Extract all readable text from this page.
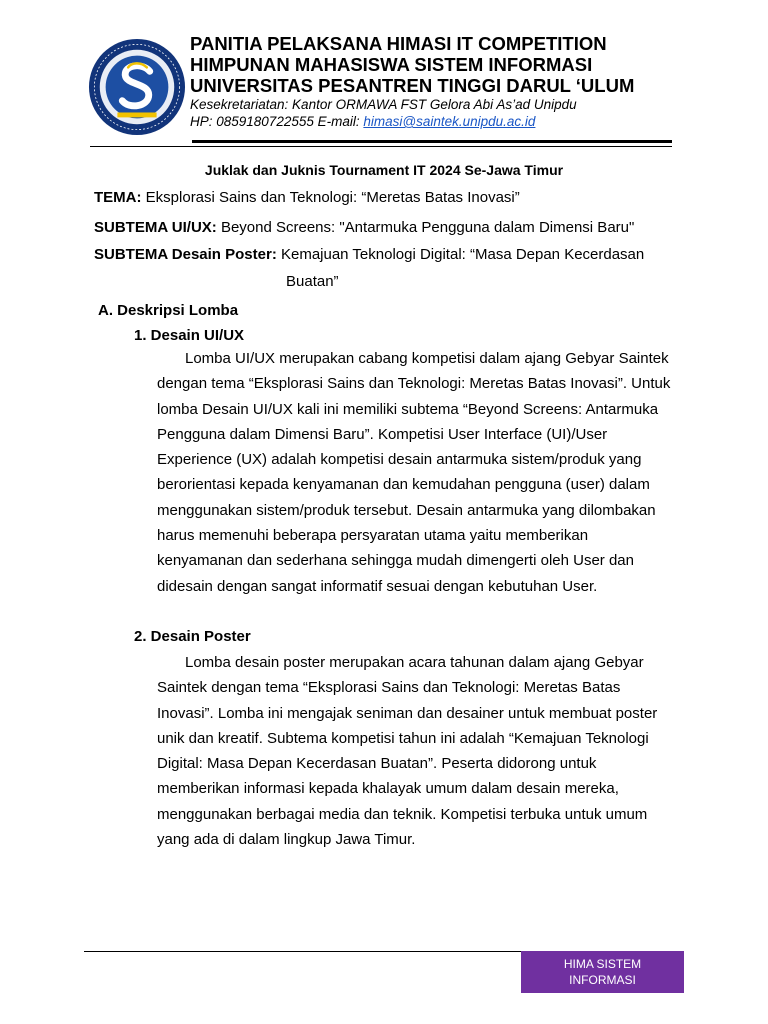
PANITIA PELAKSANA HIMASI IT COMPETITION
HIMPUNAN MAHASISWA SISTEM INFORMASI
UNIVERSITAS PESANTREN TINGGI DARUL ‘ULUM
Kesekretariatan: Kantor ORMAWA FST Gelora Abi As’ad Unipdu
HP: 0859180722555 E-mail: himasi@saintek.unipdu.ac.id
Juklak dan Juknis Tournament IT 2024 Se-Jawa Timur
TEMA: Eksplorasi Sains dan Teknologi: “Meretas Batas Inovasi”
SUBTEMA UI/UX: Beyond Screens: "Antarmuka Pengguna dalam Dimensi Baru"
SUBTEMA Desain Poster: Kemajuan Teknologi Digital: “Masa Depan Kecerdasan
Buatan”
A. Deskripsi Lomba
1. Desain UI/UX

Lomba UI/UX merupakan cabang kompetisi dalam ajang Gebyar Saintek dengan tema “Eksplorasi Sains dan Teknologi: Meretas Batas Inovasi”. Untuk lomba Desain UI/UX kali ini memiliki subtema “Beyond Screens: Antarmuka Pengguna dalam Dimensi Baru”. Kompetisi User Interface (UI)/User Experience (UX) adalah kompetisi desain antarmuka sistem/produk yang berorientasi kepada kenyamanan dan kemudahan pengguna (user) dalam menggunakan sistem/produk tersebut. Desain antarmuka yang dilombakan harus memenuhi beberapa persyaratan utama yaitu memberikan kenyamanan dan sederhana sehingga mudah dimengerti oleh User dan didesain dengan sangat informatif sesuai dengan kebutuhan User.

2. Desain Poster

Lomba desain poster merupakan acara tahunan dalam ajang Gebyar Saintek dengan tema “Eksplorasi Sains dan Teknologi: Meretas Batas Inovasi”. Lomba ini mengajak seniman dan desainer untuk membuat poster unik dan kreatif. Subtema kompetisi tahun ini adalah “Kemajuan Teknologi Digital: Masa Depan Kecerdasan Buatan”. Peserta didorong untuk memberikan informasi kepada khalayak umum dalam desain mereka, menggunakan berbagai media dan teknik. Kompetisi terbuka untuk umum yang ada di dalam lingkup Jawa Timur.

HIMA SISTEM
INFORMASI
